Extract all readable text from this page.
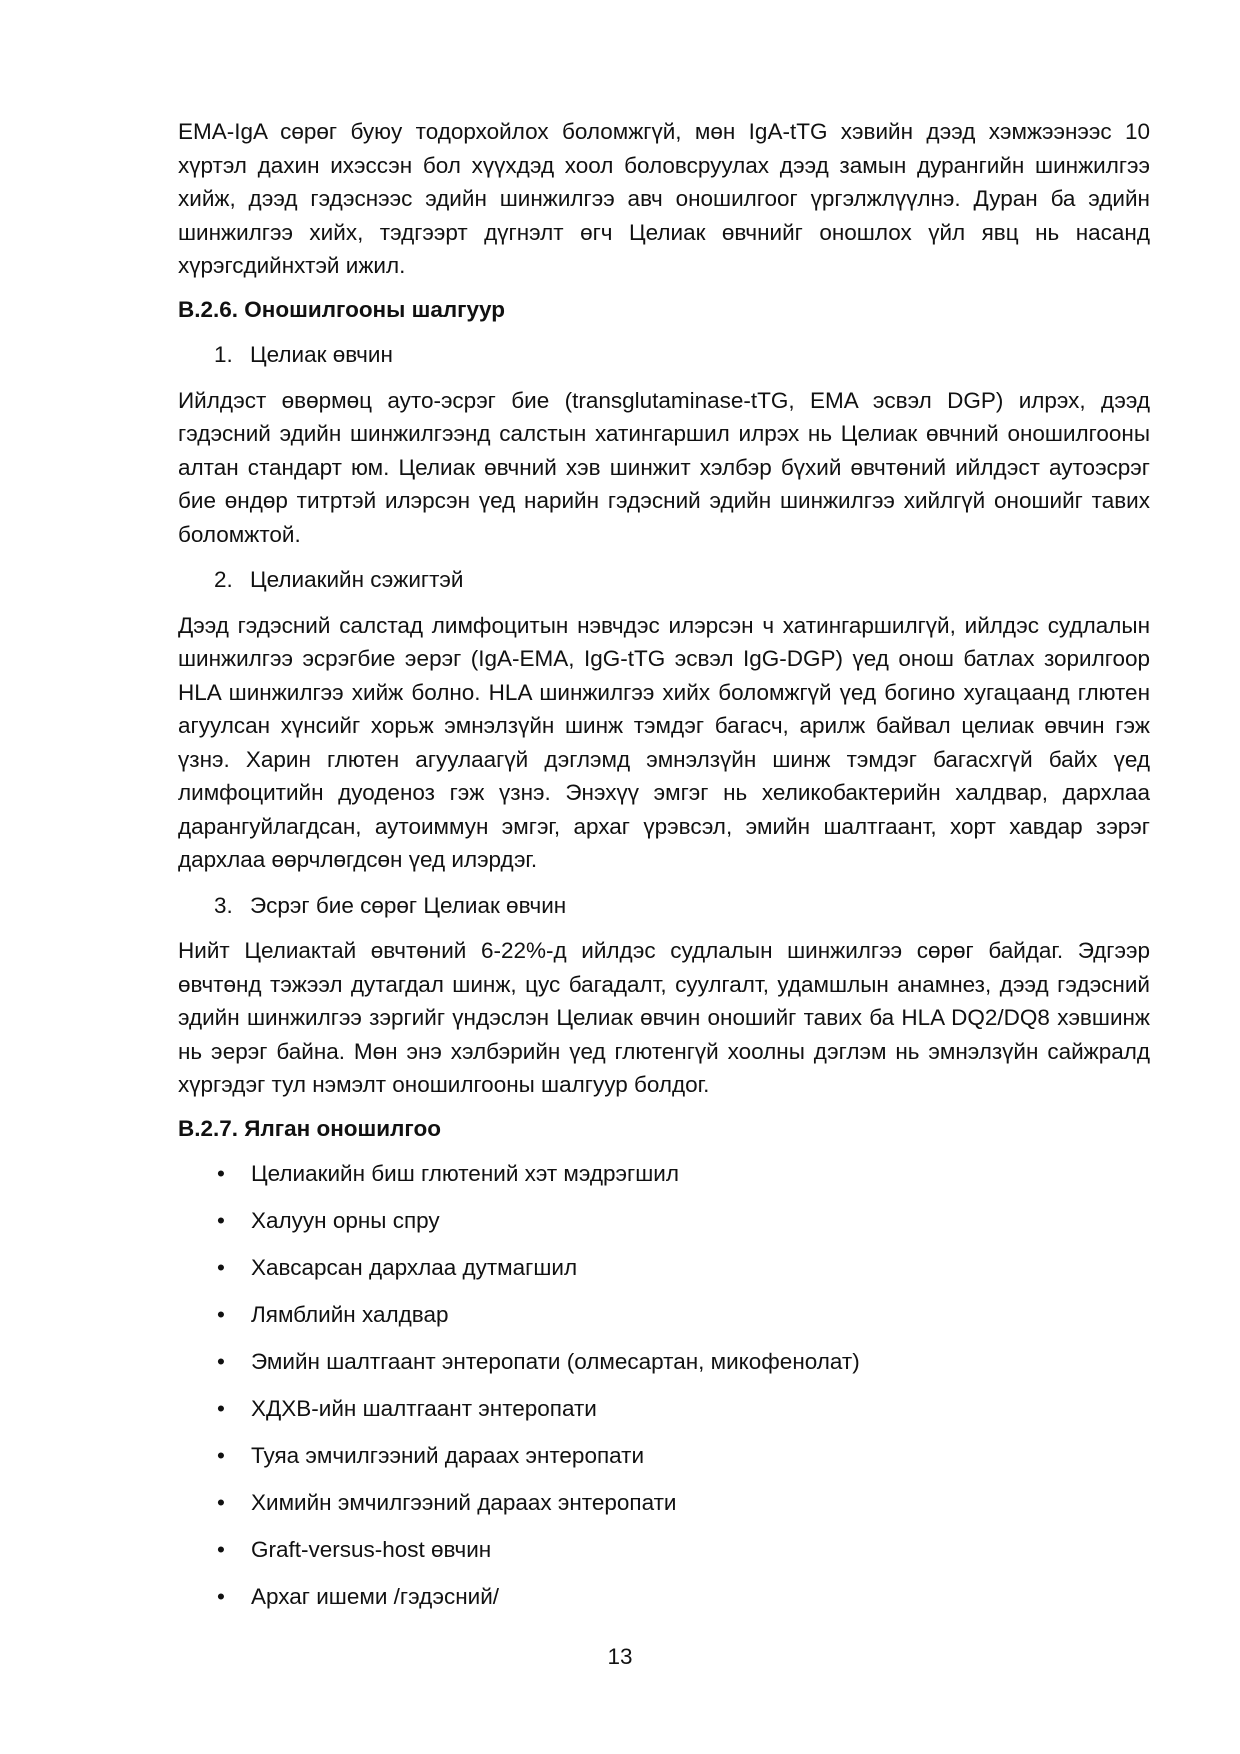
EMA-IgA сөрөг буюу тодорхойлох боломжгүй, мөн IgA-tTG хэвийн дээд хэмжээнээс 10 хүртэл дахин ихэссэн бол хүүхдэд хоол боловсруулах дээд замын дурангийн шинжилгээ хийж, дээд гэдэснээс эдийн шинжилгээ авч оношилгоог үргэлжлүүлнэ. Дуран ба эдийн шинжилгээ хийх, тэдгээрт дүгнэлт өгч Целиак өвчнийг оношлох үйл явц нь насанд хүрэгсдийнхтэй ижил.

В.2.6. Оношилгооны шалгуур

1. Целиак өвчин

Ийлдэст өвөрмөц ауто-эсрэг бие (transglutaminase-tTG, EMA эсвэл DGP) илрэх, дээд гэдэсний эдийн шинжилгээнд салстын хатингаршил илрэх нь Целиак өвчний оношилгооны алтан стандарт юм. Целиак өвчний хэв шинжит хэлбэр бүхий өвчтөний ийлдэст аутоэсрэг бие өндөр титртэй илэрсэн үед нарийн гэдэсний эдийн шинжилгээ хийлгүй оношийг тавих боломжтой.

2. Целиакийн сэжигтэй

Дээд гэдэсний салстад лимфоцитын нэвчдэс илэрсэн ч хатингаршилгүй, ийлдэс судлалын шинжилгээ эсрэгбие эерэг (IgA-EMA, IgG-tTG эсвэл IgG-DGP) үед онош батлах зорилгоор HLA шинжилгээ хийж болно. HLA шинжилгээ хийх боломжгүй үед богино хугацаанд глютен агуулсан хүнсийг хорьж эмнэлзүйн шинж тэмдэг багасч, арилж байвал целиак өвчин гэж үзнэ. Харин глютен агуулаагүй дэглэмд эмнэлзүйн шинж тэмдэг багасхгүй байх үед лимфоцитийн дуоденоз гэж үзнэ. Энэхүү эмгэг нь хеликобактерийн халдвар, дархлаа дарангуйлагдсан, аутоиммун эмгэг, архаг үрэвсэл, эмийн шалтгаант, хорт хавдар зэрэг дархлаа өөрчлөгдсөн үед илэрдэг.

3. Эсрэг бие сөрөг Целиак өвчин

Нийт Целиактай өвчтөний 6-22%-д ийлдэс судлалын шинжилгээ сөрөг байдаг. Эдгээр өвчтөнд тэжээл дутагдал шинж, цус багадалт, суулгалт, удамшлын анамнез, дээд гэдэсний эдийн шинжилгээ зэргийг үндэслэн Целиак өвчин оношийг тавих ба HLA DQ2/DQ8 хэвшинж нь эерэг байна. Мөн энэ хэлбэрийн үед глютенгүй хоолны дэглэм нь эмнэлзүйн сайжралд хүргэдэг тул нэмэлт оношилгооны шалгуур болдог.

В.2.7. Ялган оношилгоо

• Целиакийн биш глютений хэт мэдрэгшил
• Халуун орны спру
• Хавсарсан дархлаа дутмагшил
• Лямблийн халдвар
• Эмийн шалтгаант энтеропати (олмесартан, микофенолат)
• ХДХВ-ийн шалтгаант энтеропати
• Туяа эмчилгээний дараах энтеропати
• Химийн эмчилгээний дараах энтеропати
• Graft-versus-host өвчин
• Архаг ишеми /гэдэсний/
13
